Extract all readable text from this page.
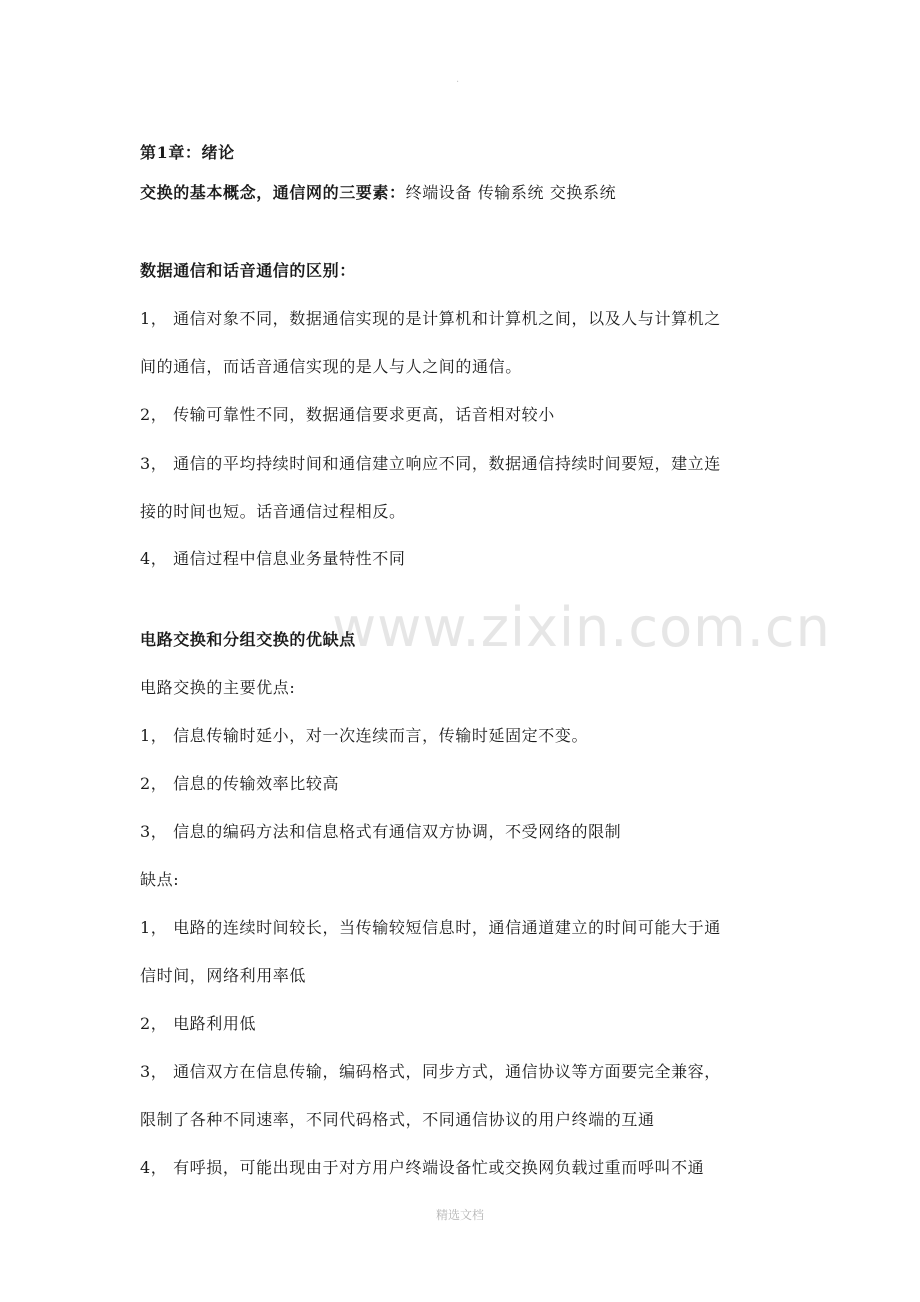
.
www.zixin.com.cn
第1章：绪论
交换的基本概念，通信网的三要素：终端设备 传输系统 交换系统
数据通信和话音通信的区别：
1， 通信对象不同，数据通信实现的是计算机和计算机之间，以及人与计算机之
间的通信，而话音通信实现的是人与人之间的通信。
2， 传输可靠性不同，数据通信要求更高，话音相对较小
3， 通信的平均持续时间和通信建立响应不同，数据通信持续时间要短，建立连
接的时间也短。话音通信过程相反。
4， 通信过程中信息业务量特性不同
电路交换和分组交换的优缺点
电路交换的主要优点:
1， 信息传输时延小，对一次连续而言，传输时延固定不变。
2， 信息的传输效率比较高
3， 信息的编码方法和信息格式有通信双方协调，不受网络的限制
缺点:
1， 电路的连续时间较长，当传输较短信息时，通信通道建立的时间可能大于通
信时间，网络利用率低
2， 电路利用低
3， 通信双方在信息传输，编码格式，同步方式，通信协议等方面要完全兼容，
限制了各种不同速率，不同代码格式，不同通信协议的用户终端的互通
4， 有呼损，可能出现由于对方用户终端设备忙或交换网负载过重而呼叫不通
精选文档
